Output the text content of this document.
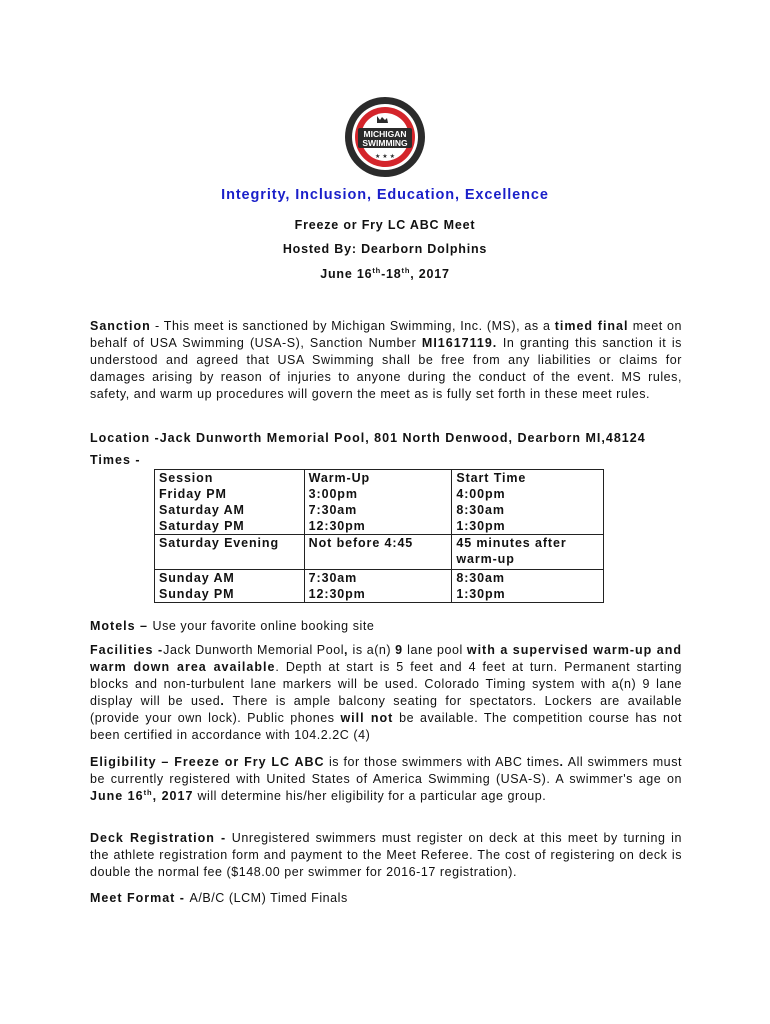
MICHIGAN
SWIMMING
★ ★ ★
Integrity, Inclusion, Education, Excellence
Freeze or Fry LC ABC Meet
Hosted By: Dearborn Dolphins
June 16th-18th, 2017
Sanction - This meet is sanctioned by Michigan Swimming, Inc. (MS), as a timed final meet on behalf of USA Swimming (USA-S), Sanction Number MI1617119. In granting this sanction it is understood and agreed that USA Swimming shall be free from any liabilities or claims for damages arising by reason of injuries to anyone during the conduct of the event. MS rules, safety, and warm up procedures will govern the meet as is fully set forth in these meet rules.
Location -Jack Dunworth Memorial Pool, 801 North Denwood, Dearborn MI,48124
Times -
Session	Warm-Up	Start Time
Friday PM	3:00pm	4:00pm
Saturday AM	7:30am	8:30am
Saturday PM	12:30pm	1:30pm
Saturday Evening	Not before 4:45	45 minutes after warm-up
Sunday AM	7:30am	8:30am
Sunday PM	12:30pm	1:30pm
Motels – Use your favorite online booking site
Facilities -Jack Dunworth Memorial Pool, is a(n) 9 lane pool with a supervised warm-up and warm down area available. Depth at start is 5 feet and 4 feet at turn. Permanent starting blocks and non-turbulent lane markers will be used. Colorado Timing system with a(n) 9 lane display will be used. There is ample balcony seating for spectators. Lockers are available (provide your own lock). Public phones will not be available. The competition course has not been certified in accordance with 104.2.2C (4)
Eligibility – Freeze or Fry LC ABC is for those swimmers with ABC times. All swimmers must be currently registered with United States of America Swimming (USA-S). A swimmer's age on June 16th, 2017 will determine his/her eligibility for a particular age group.
Deck Registration - Unregistered swimmers must register on deck at this meet by turning in the athlete registration form and payment to the Meet Referee. The cost of registering on deck is double the normal fee ($148.00 per swimmer for 2016-17 registration).
Meet Format - A/B/C (LCM) Timed Finals
